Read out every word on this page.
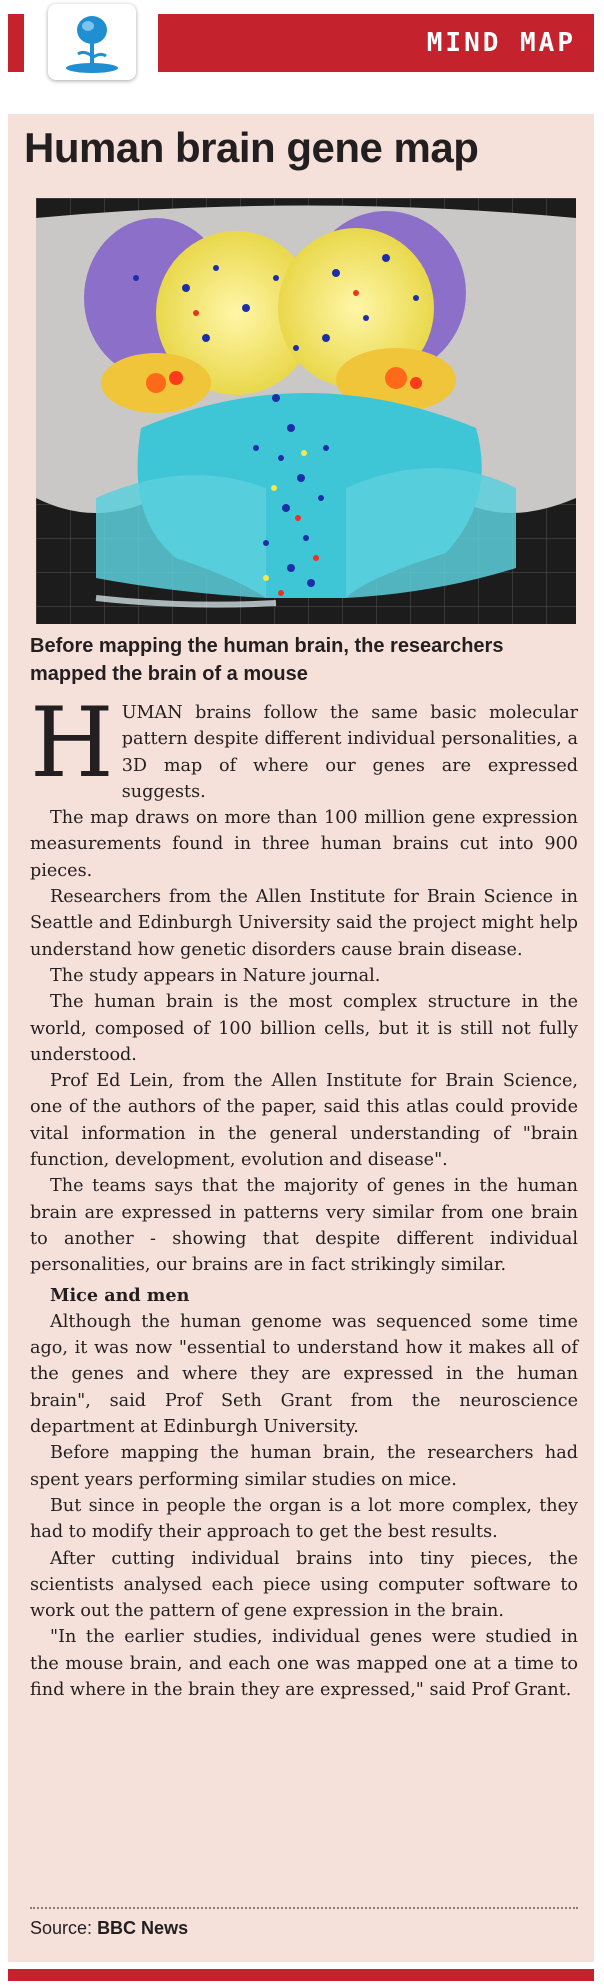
MIND MAP
Human brain gene map

Before mapping the human brain, the researchers mapped the brain of a mouse

HUMAN brains follow the same basic molecular pattern despite different individual personalities, a 3D map of where our genes are expressed suggests.

The map draws on more than 100 million gene expression measurements found in three human brains cut into 900 pieces.

Researchers from the Allen Institute for Brain Science in Seattle and Edinburgh University said the project might help understand how genetic disorders cause brain disease.

The study appears in Nature journal.

The human brain is the most complex structure in the world, composed of 100 billion cells, but it is still not fully understood.

Prof Ed Lein, from the Allen Institute for Brain Science, one of the authors of the paper, said this atlas could provide vital information in the general understanding of "brain function, development, evolution and disease".

The teams says that the majority of genes in the human brain are expressed in patterns very similar from one brain to another - showing that despite different individual personalities, our brains are in fact strikingly similar.

Mice and men

Although the human genome was sequenced some time ago, it was now "essential to understand how it makes all of the genes and where they are expressed in the human brain", said Prof Seth Grant from the neuroscience department at Edinburgh University.

Before mapping the human brain, the researchers had spent years performing similar studies on mice.

But since in people the organ is a lot more complex, they had to modify their approach to get the best results.

After cutting individual brains into tiny pieces, the scientists analysed each piece using computer software to work out the pattern of gene expression in the brain.

"In the earlier studies, individual genes were studied in the mouse brain, and each one was mapped one at a time to find where in the brain they are expressed," said Prof Grant.

Source: BBC News
